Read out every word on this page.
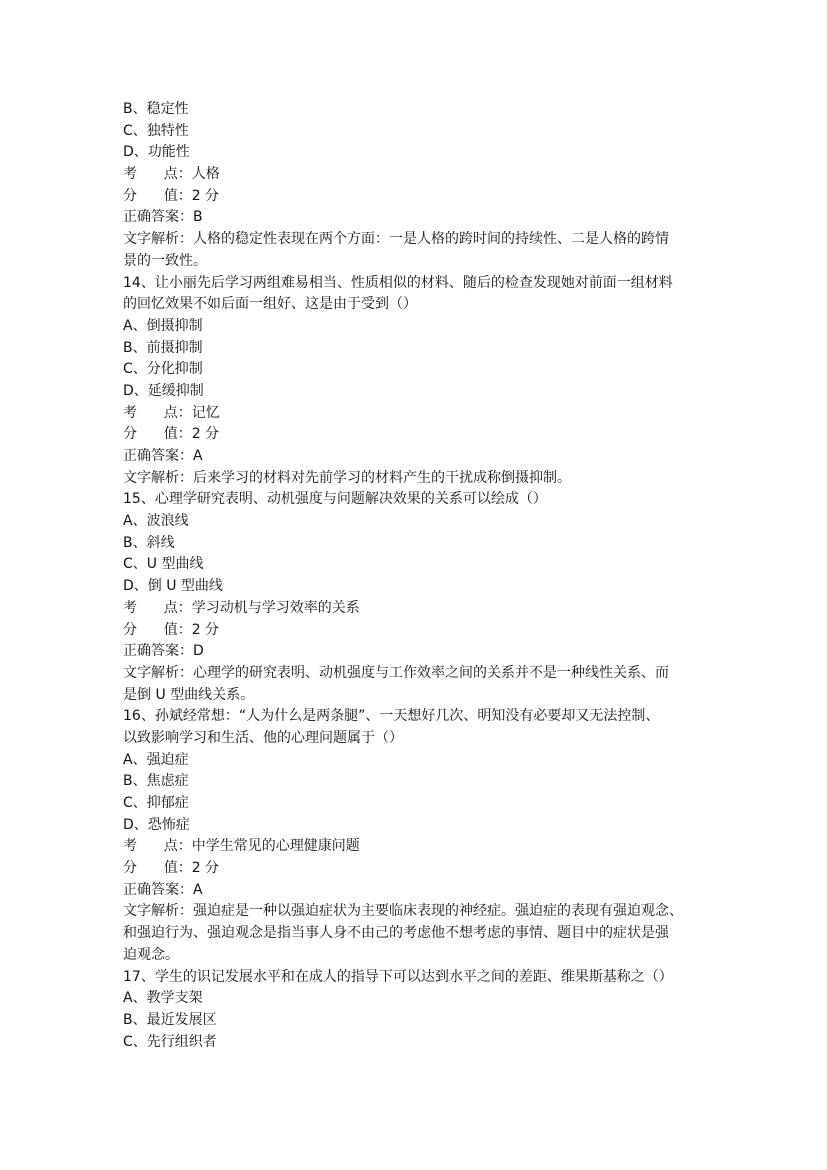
B、稳定性
C、独特性
D、功能性
考      点：人格
分      值：2 分
正确答案：B
文字解析：人格的稳定性表现在两个方面：一是人格的跨时间的持续性、二是人格的跨情
景的一致性。
14、让小丽先后学习两组难易相当、性质相似的材料、随后的检查发现她对前面一组材料
的回忆效果不如后面一组好、这是由于受到（）
A、倒摄抑制
B、前摄抑制
C、分化抑制
D、延缓抑制
考      点：记忆
分      值：2 分
正确答案：A
文字解析：后来学习的材料对先前学习的材料产生的干扰成称倒摄抑制。
15、心理学研究表明、动机强度与问题解决效果的关系可以绘成（）
A、波浪线
B、斜线
C、U 型曲线
D、倒 U 型曲线
考      点：学习动机与学习效率的关系
分      值：2 分
正确答案：D
文字解析：心理学的研究表明、动机强度与工作效率之间的关系并不是一种线性关系、而
是倒 U 型曲线关系。
16、孙斌经常想：“人为什么是两条腿”、一天想好几次、明知没有必要却又无法控制、
以致影响学习和生活、他的心理问题属于（）
A、强迫症
B、焦虑症
C、抑郁症
D、恐怖症
考      点：中学生常见的心理健康问题
分      值：2 分
正确答案：A
文字解析：强迫症是一种以强迫症状为主要临床表现的神经症。强迫症的表现有强迫观念、
和强迫行为、强迫观念是指当事人身不由己的考虑他不想考虑的事情、题目中的症状是强
迫观念。
17、学生的识记发展水平和在成人的指导下可以达到水平之间的差距、维果斯基称之（）
A、教学支架
B、最近发展区
C、先行组织者
